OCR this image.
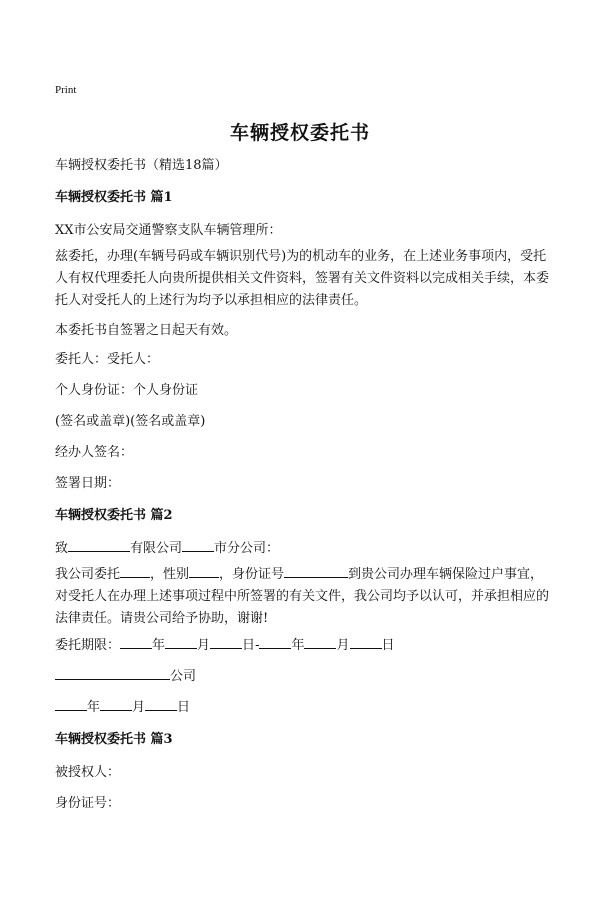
Print
车辆授权委托书
车辆授权委托书（精选18篇）
车辆授权委托书 篇1
XX市公安局交通警察支队车辆管理所：
兹委托，办理(车辆号码或车辆识别代号)为的机动车的业务，在上述业务事项内，受托人有权代理委托人向贵所提供相关文件资料，签署有关文件资料以完成相关手续，本委托人对受托人的上述行为均予以承担相应的法律责任。
本委托书自签署之日起天有效。
委托人：受托人：
个人身份证：个人身份证
(签名或盖章)(签名或盖章)
经办人签名：
签署日期：
车辆授权委托书 篇2
致	有限公司 市分公司：
我公司委托 ，性别 ，身份证号	到贵公司办理车辆保险过户事宜，对受托人在办理上述事项过程中所签署的有关文件，我公司均予以认可，并承担相应的法律责任。请贵公司给予协助，谢谢!
委托期限： 年 月 日- 年 月 日
公司
年 月 日
车辆授权委托书 篇3
被授权人：
身份证号：
